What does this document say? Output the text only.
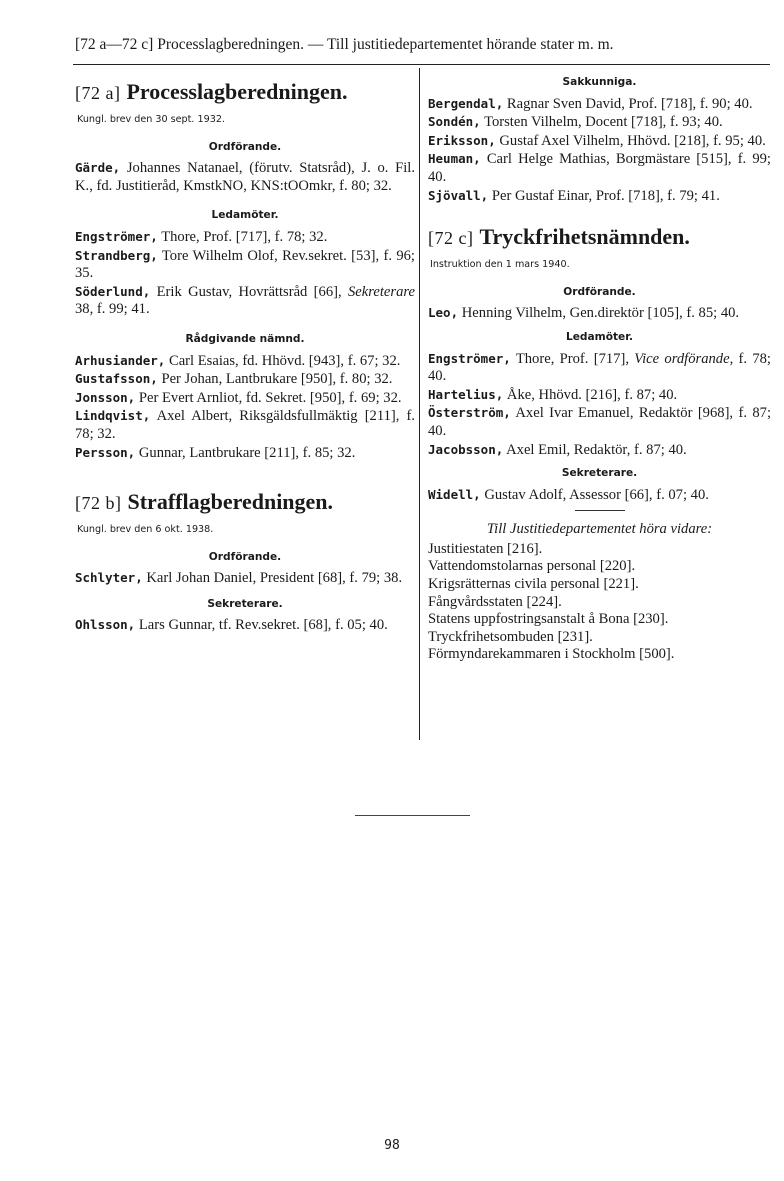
[72 a—72 c] Processlagberedningen. — Till justitiedepartementet hörande stater m. m.
[72 a] Processlagberedningen.
Kungl. brev den 30 sept. 1932.
Ordförande.

Gärde, Johannes Natanael, (förutv. Statsråd), J. o. Fil. K., fd. Justitieråd, KmstkNO, KNS:tOOmkr, f. 80; 32.

Ledamöter.

Engströmer, Thore, Prof. [717], f. 78; 32.

Strandberg, Tore Wilhelm Olof, Rev.sekret. [53], f. 96; 35.

Söderlund, Erik Gustav, Hovrättsråd [66], Sekreterare 38, f. 99; 41.

Rådgivande nämnd.

Arhusiander, Carl Esaias, fd. Hhövd. [943], f. 67; 32.

Gustafsson, Per Johan, Lantbrukare [950], f. 80; 32.

Jonsson, Per Evert Arnliot, fd. Sekret. [950], f. 69; 32.

Lindqvist, Axel Albert, Riksgäldsfullmäktig [211], f. 78; 32.

Persson, Gunnar, Lantbrukare [211], f. 85; 32.

[72 b] Strafflagberedningen.
Kungl. brev den 6 okt. 1938.
Ordförande.

Schlyter, Karl Johan Daniel, President [68], f. 79; 38.

Sekreterare.

Ohlsson, Lars Gunnar, tf. Rev.sekret. [68], f. 05; 40.

Sakkunniga.

Bergendal, Ragnar Sven David, Prof. [718], f. 90; 40.

Sondén, Torsten Vilhelm, Docent [718], f. 93; 40.

Eriksson, Gustaf Axel Vilhelm, Hhövd. [218], f. 95; 40.

Heuman, Carl Helge Mathias, Borgmästare [515], f. 99; 40.

Sjövall, Per Gustaf Einar, Prof. [718], f. 79; 41.

[72 c] Tryckfrihetsnämnden.
Instruktion den 1 mars 1940.
Ordförande.

Leo, Henning Vilhelm, Gen.direktör [105], f. 85; 40.

Ledamöter.

Engströmer, Thore, Prof. [717], Vice ordförande, f. 78; 40.

Hartelius, Åke, Hhövd. [216], f. 87; 40.

Österström, Axel Ivar Emanuel, Redaktör [968], f. 87; 40.

Jacobsson, Axel Emil, Redaktör, f. 87; 40.

Sekreterare.

Widell, Gustav Adolf, Assessor [66], f. 07; 40.

Till Justitiedepartementet höra vidare:

Justitiestaten [216].

Vattendomstolarnas personal [220].

Krigsrätternas civila personal [221].

Fångvårdsstaten [224].

Statens uppfostringsanstalt å Bona [230].

Tryckfrihetsombuden [231].

Förmyndarekammaren i Stockholm [500].

98
